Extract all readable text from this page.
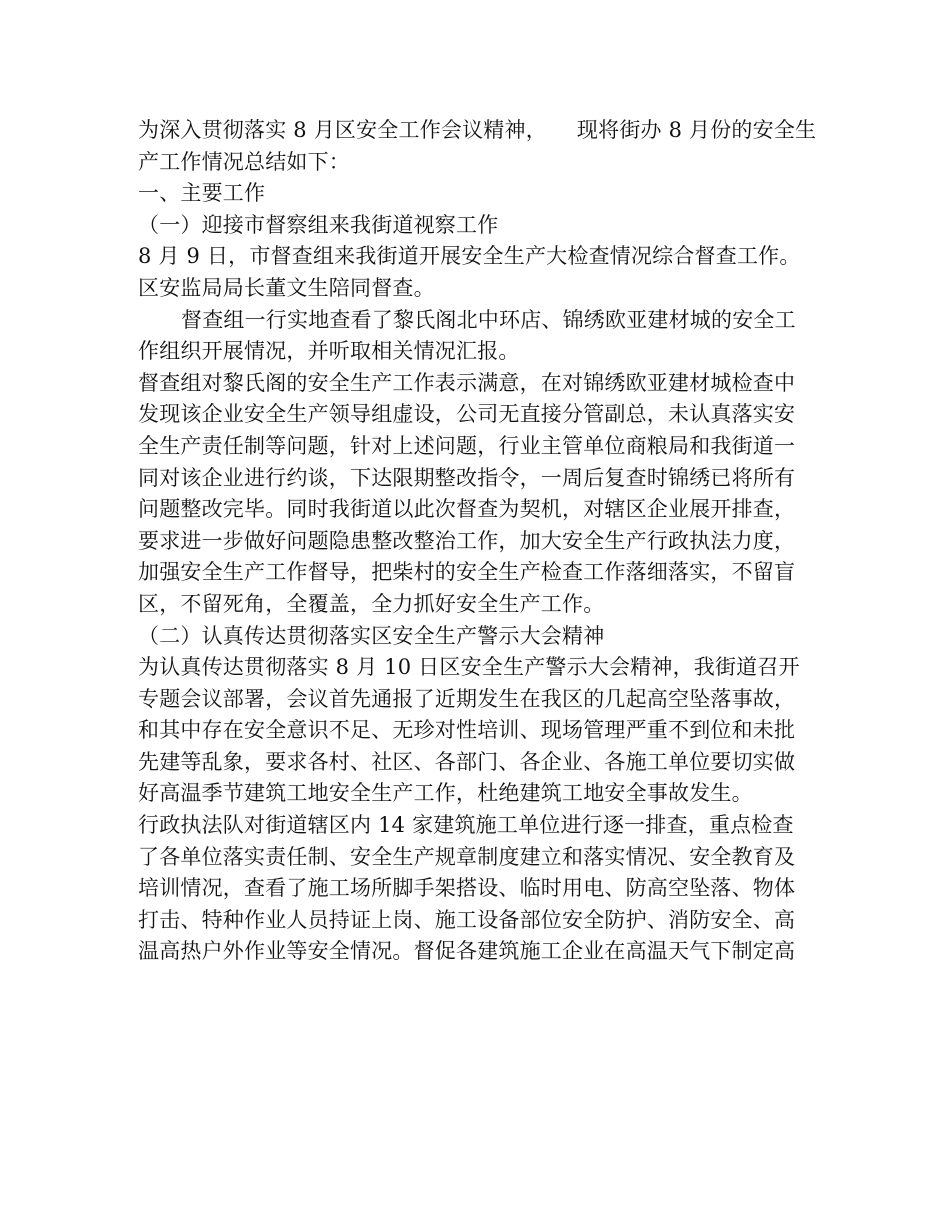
为深入贯彻落实 8 月区安全工作会议精神， 现将街办 8 月份的安全生
产工作情况总结如下：
一、主要工作
（一）迎接市督察组来我街道视察工作
8 月 9 日，市督查组来我街道开展安全生产大检查情况综合督查工作。
区安监局局长董文生陪同督查。
督查组一行实地查看了黎氏阁北中环店、锦绣欧亚建材城的安全工
作组织开展情况，并听取相关情况汇报。
督查组对黎氏阁的安全生产工作表示满意，在对锦绣欧亚建材城检查中
发现该企业安全生产领导组虚设，公司无直接分管副总，未认真落实安
全生产责任制等问题，针对上述问题，行业主管单位商粮局和我街道一
同对该企业进行约谈，下达限期整改指令，一周后复查时锦绣已将所有
问题整改完毕。同时我街道以此次督查为契机，对辖区企业展开排查，
要求进一步做好问题隐患整改整治工作，加大安全生产行政执法力度，
加强安全生产工作督导，把柴村的安全生产检查工作落细落实，不留盲
区，不留死角，全覆盖，全力抓好安全生产工作。
（二）认真传达贯彻落实区安全生产警示大会精神
为认真传达贯彻落实 8 月 10 日区安全生产警示大会精神，我街道召开
专题会议部署，会议首先通报了近期发生在我区的几起高空坠落事故，
和其中存在安全意识不足、无珍对性培训、现场管理严重不到位和未批
先建等乱象，要求各村、社区、各部门、各企业、各施工单位要切实做
好高温季节建筑工地安全生产工作，杜绝建筑工地安全事故发生。
行政执法队对街道辖区内 14 家建筑施工单位进行逐一排查，重点检查
了各单位落实责任制、安全生产规章制度建立和落实情况、安全教育及
培训情况，查看了施工场所脚手架搭设、临时用电、防高空坠落、物体
打击、特种作业人员持证上岗、施工设备部位安全防护、消防安全、高
温高热户外作业等安全情况。督促各建筑施工企业在高温天气下制定高
